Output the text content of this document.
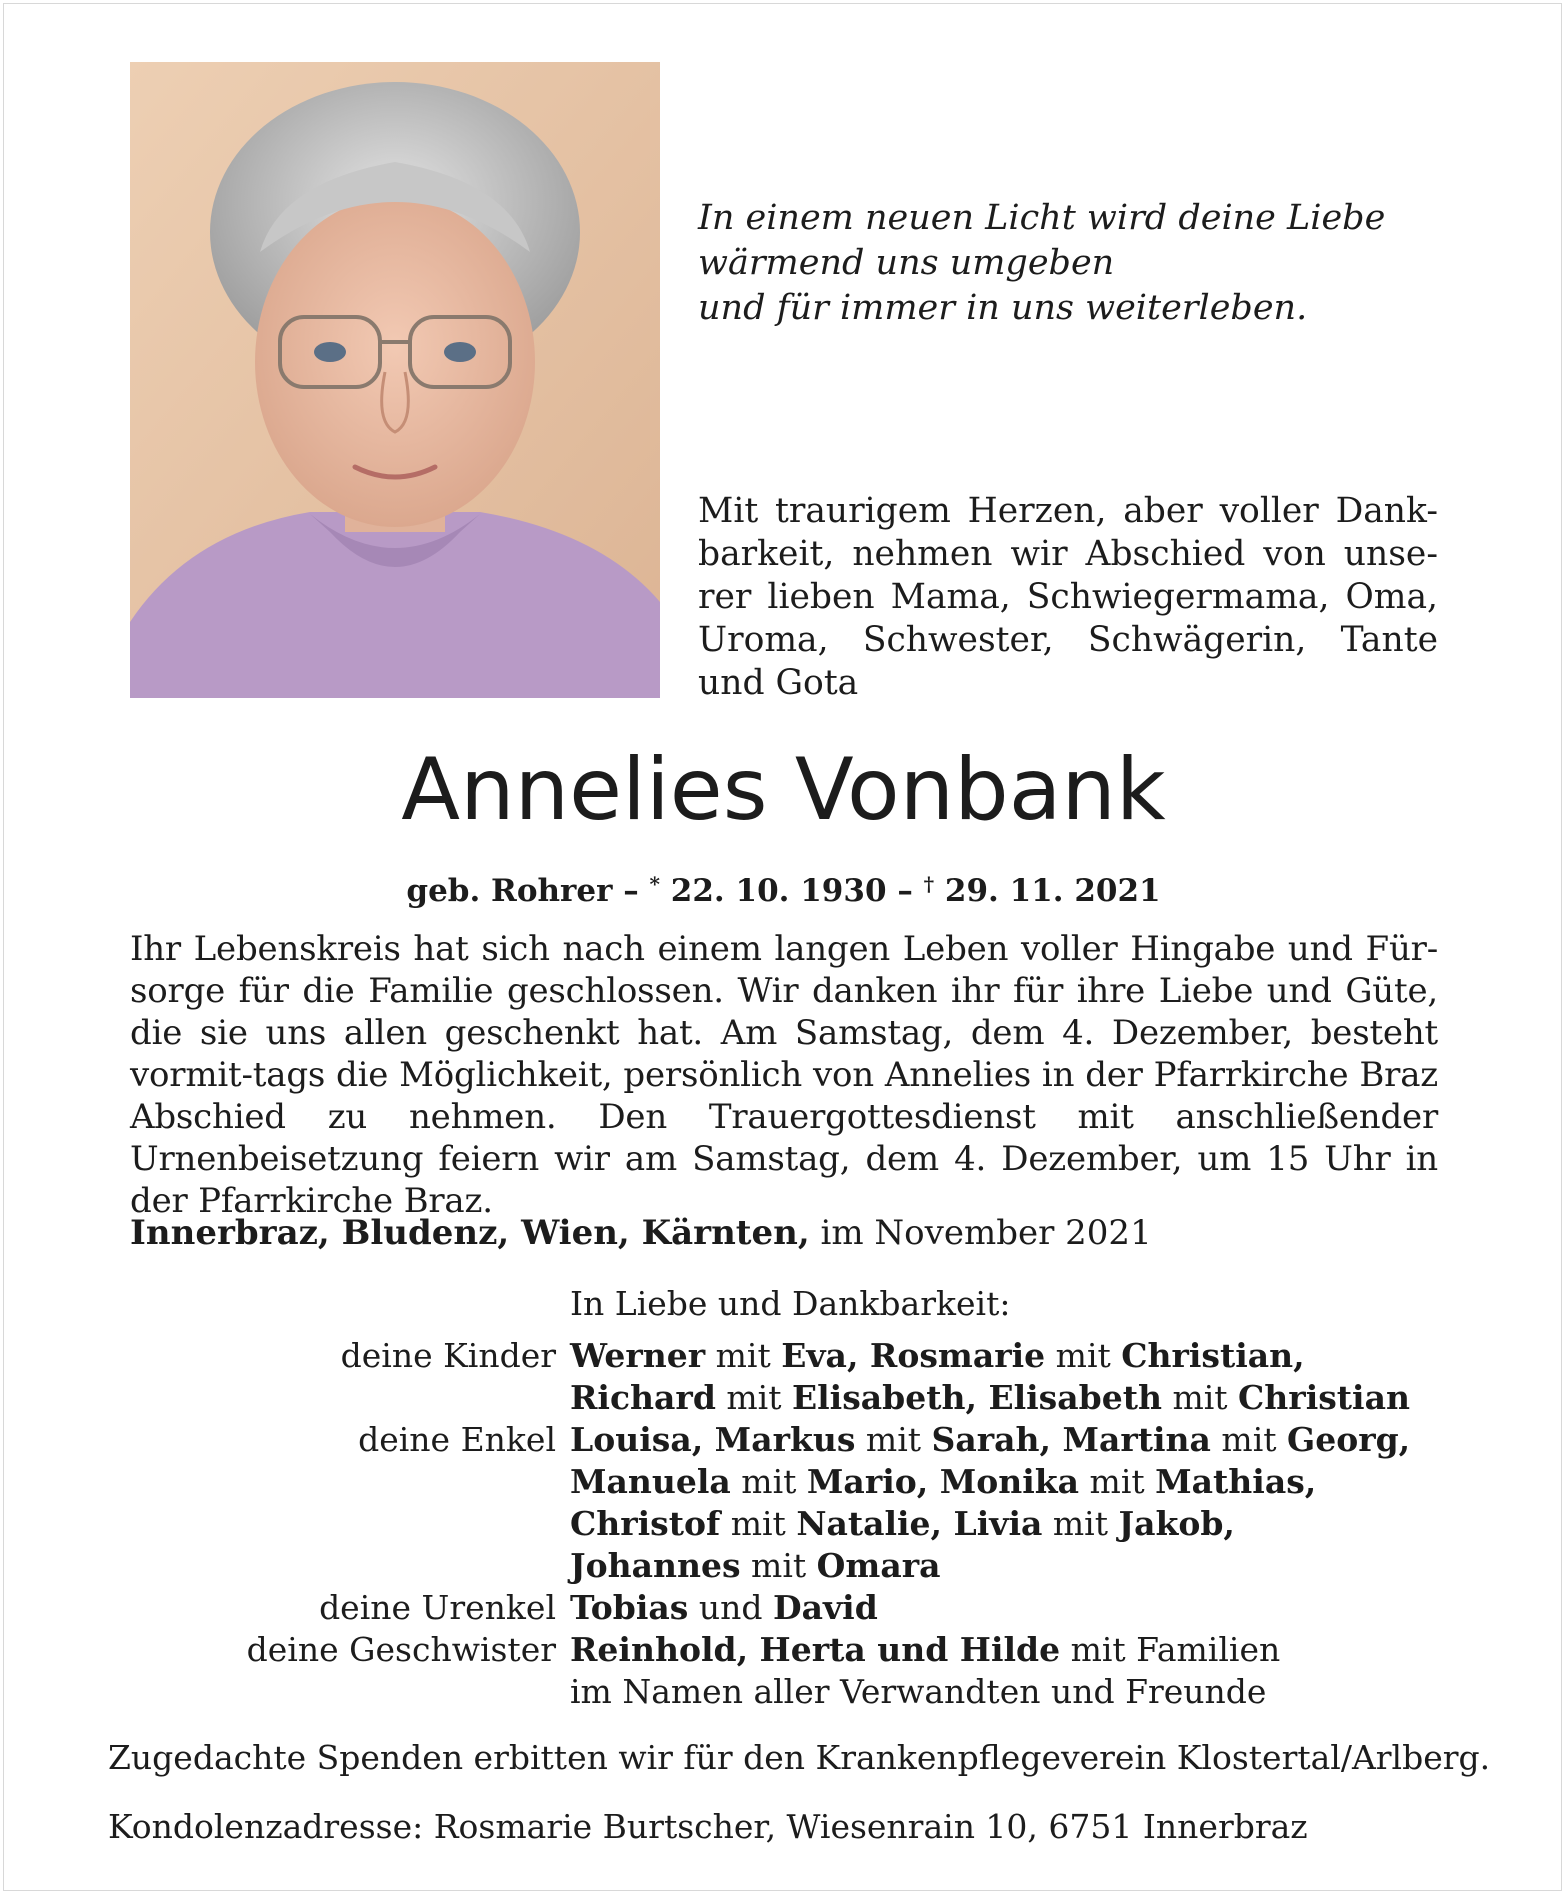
In einem neuen Licht wird deine Liebe
wärmend uns umgeben
und für immer in uns weiterleben.

Mit traurigem Herzen, aber voller Dank-barkeit, nehmen wir Abschied von unse-rer lieben Mama, Schwiegermama, Oma, Uroma, Schwester, Schwägerin, Tante und Gota

Annelies Vonbank
geb. Rohrer – * 22. 10. 1930 – † 29. 11. 2021

Ihr Lebenskreis hat sich nach einem langen Leben voller Hingabe und Für-sorge für die Familie geschlossen. Wir danken ihr für ihre Liebe und Güte, die sie uns allen geschenkt hat. Am Samstag, dem 4. Dezember, besteht vormit-tags die Möglichkeit, persönlich von Annelies in der Pfarrkirche Braz Abschied zu nehmen. Den Trauergottesdienst mit anschließender Urnenbeisetzung feiern wir am Samstag, dem 4. Dezember, um 15 Uhr in der Pfarrkirche Braz.

Innerbraz, Bludenz, Wien, Kärnten, im November 2021
In Liebe und Dankbarkeit:
deine Kinder Werner mit Eva, Rosmarie mit Christian,
Richard mit Elisabeth, Elisabeth mit Christian
deine Enkel Louisa, Markus mit Sarah, Martina mit Georg,
Manuela mit Mario, Monika mit Mathias,
Christof mit Natalie, Livia mit Jakob,
Johannes mit Omara
deine Urenkel Tobias und David
deine Geschwister Reinhold, Herta und Hilde mit Familien
im Namen aller Verwandten und Freunde
Zugedachte Spenden erbitten wir für den Krankenpflegeverein Klostertal/Arlberg.
Kondolenzadresse: Rosmarie Burtscher, Wiesenrain 10, 6751 Innerbraz
